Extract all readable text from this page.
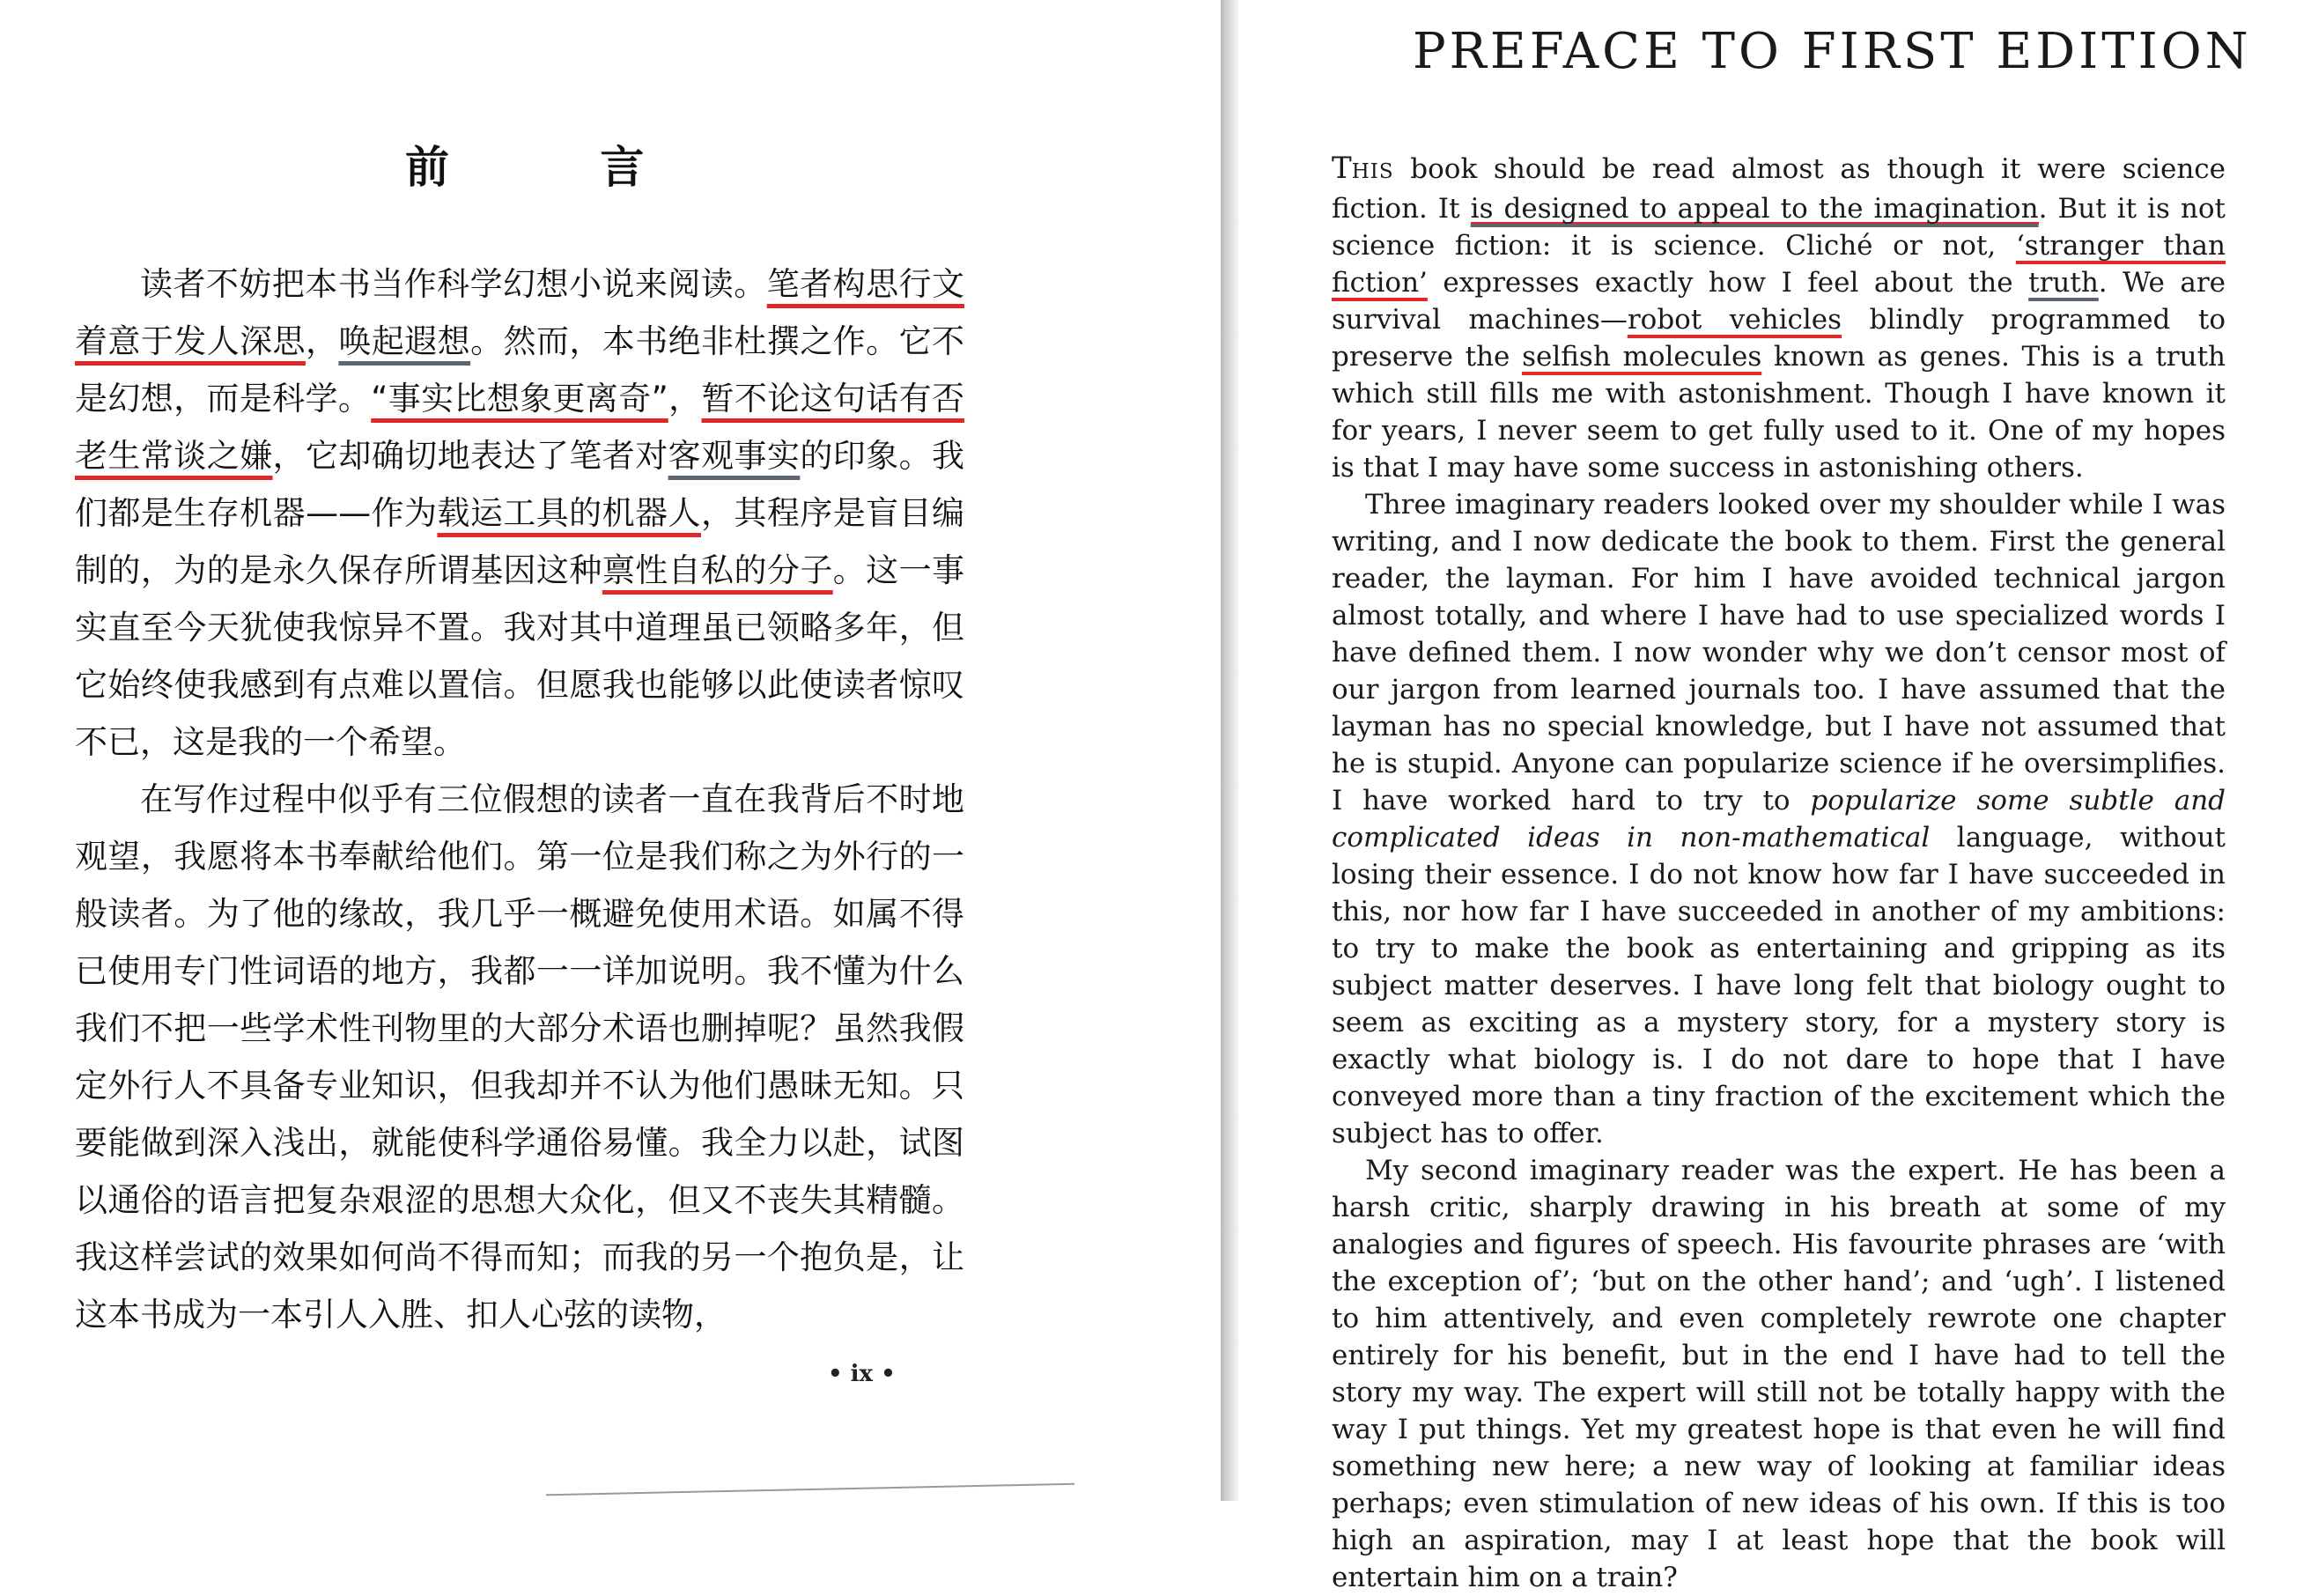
前 言

读者不妨把本书当作科学幻想小说来阅读。笔者构思行文着意于发人深思，唤起遐想。然而，本书绝非杜撰之作。它不是幻想，而是科学。“事实比想象更离奇”，暂不论这句话有否老生常谈之嫌，它却确切地表达了笔者对客观事实的印象。我们都是生存机器——作为载运工具的机器人，其程序是盲目编制的，为的是永久保存所谓基因这种禀性自私的分子。这一事实直至今天犹使我惊异不置。我对其中道理虽已领略多年，但它始终使我感到有点难以置信。但愿我也能够以此使读者惊叹不已，这是我的一个希望。

在写作过程中似乎有三位假想的读者一直在我背后不时地观望，我愿将本书奉献给他们。第一位是我们称之为外行的一般读者。为了他的缘故，我几乎一概避免使用术语。如属不得已使用专门性词语的地方，我都一一详加说明。我不懂为什么我们不把一些学术性刊物里的大部分术语也删掉呢？虽然我假定外行人不具备专业知识，但我却并不认为他们愚昧无知。只要能做到深入浅出，就能使科学通俗易懂。我全力以赴，试图以通俗的语言把复杂艰涩的思想大众化，但又不丧失其精髓。我这样尝试的效果如何尚不得而知；而我的另一个抱负是，让这本书成为一本引人入胜、扣人心弦的读物，

• ix •
PREFACE TO FIRST EDITION

THIS book should be read almost as though it were science fiction. It is designed to appeal to the imagination. But it is not science fiction: it is science. Cliché or not, ‘stranger than fiction’ expresses exactly how I feel about the truth. We are survival machines—robot vehicles blindly programmed to preserve the selfish molecules known as genes. This is a truth which still fills me with astonishment. Though I have known it for years, I never seem to get fully used to it. One of my hopes is that I may have some success in astonishing others.

Three imaginary readers looked over my shoulder while I was writing, and I now dedicate the book to them. First the general reader, the layman. For him I have avoided technical jargon almost totally, and where I have had to use specialized words I have defined them. I now wonder why we don’t censor most of our jargon from learned journals too. I have assumed that the layman has no special knowledge, but I have not assumed that he is stupid. Anyone can popularize science if he oversimplifies. I have worked hard to try to popularize some subtle and complicated ideas in non-mathematical language, without losing their essence. I do not know how far I have succeeded in this, nor how far I have succeeded in another of my ambitions: to try to make the book as entertaining and gripping as its subject matter deserves. I have long felt that biology ought to seem as exciting as a mystery story, for a mystery story is exactly what biology is. I do not dare to hope that I have conveyed more than a tiny fraction of the excitement which the subject has to offer.

My second imaginary reader was the expert. He has been a harsh critic, sharply drawing in his breath at some of my analogies and figures of speech. His favourite phrases are ‘with the exception of’; ‘but on the other hand’; and ‘ugh’. I listened to him attentively, and even completely rewrote one chapter entirely for his benefit, but in the end I have had to tell the story my way. The expert will still not be totally happy with the way I put things. Yet my greatest hope is that even he will find something new here; a new way of looking at familiar ideas perhaps; even stimulation of new ideas of his own. If this is too high an aspiration, may I at least hope that the book will entertain him on a train?
